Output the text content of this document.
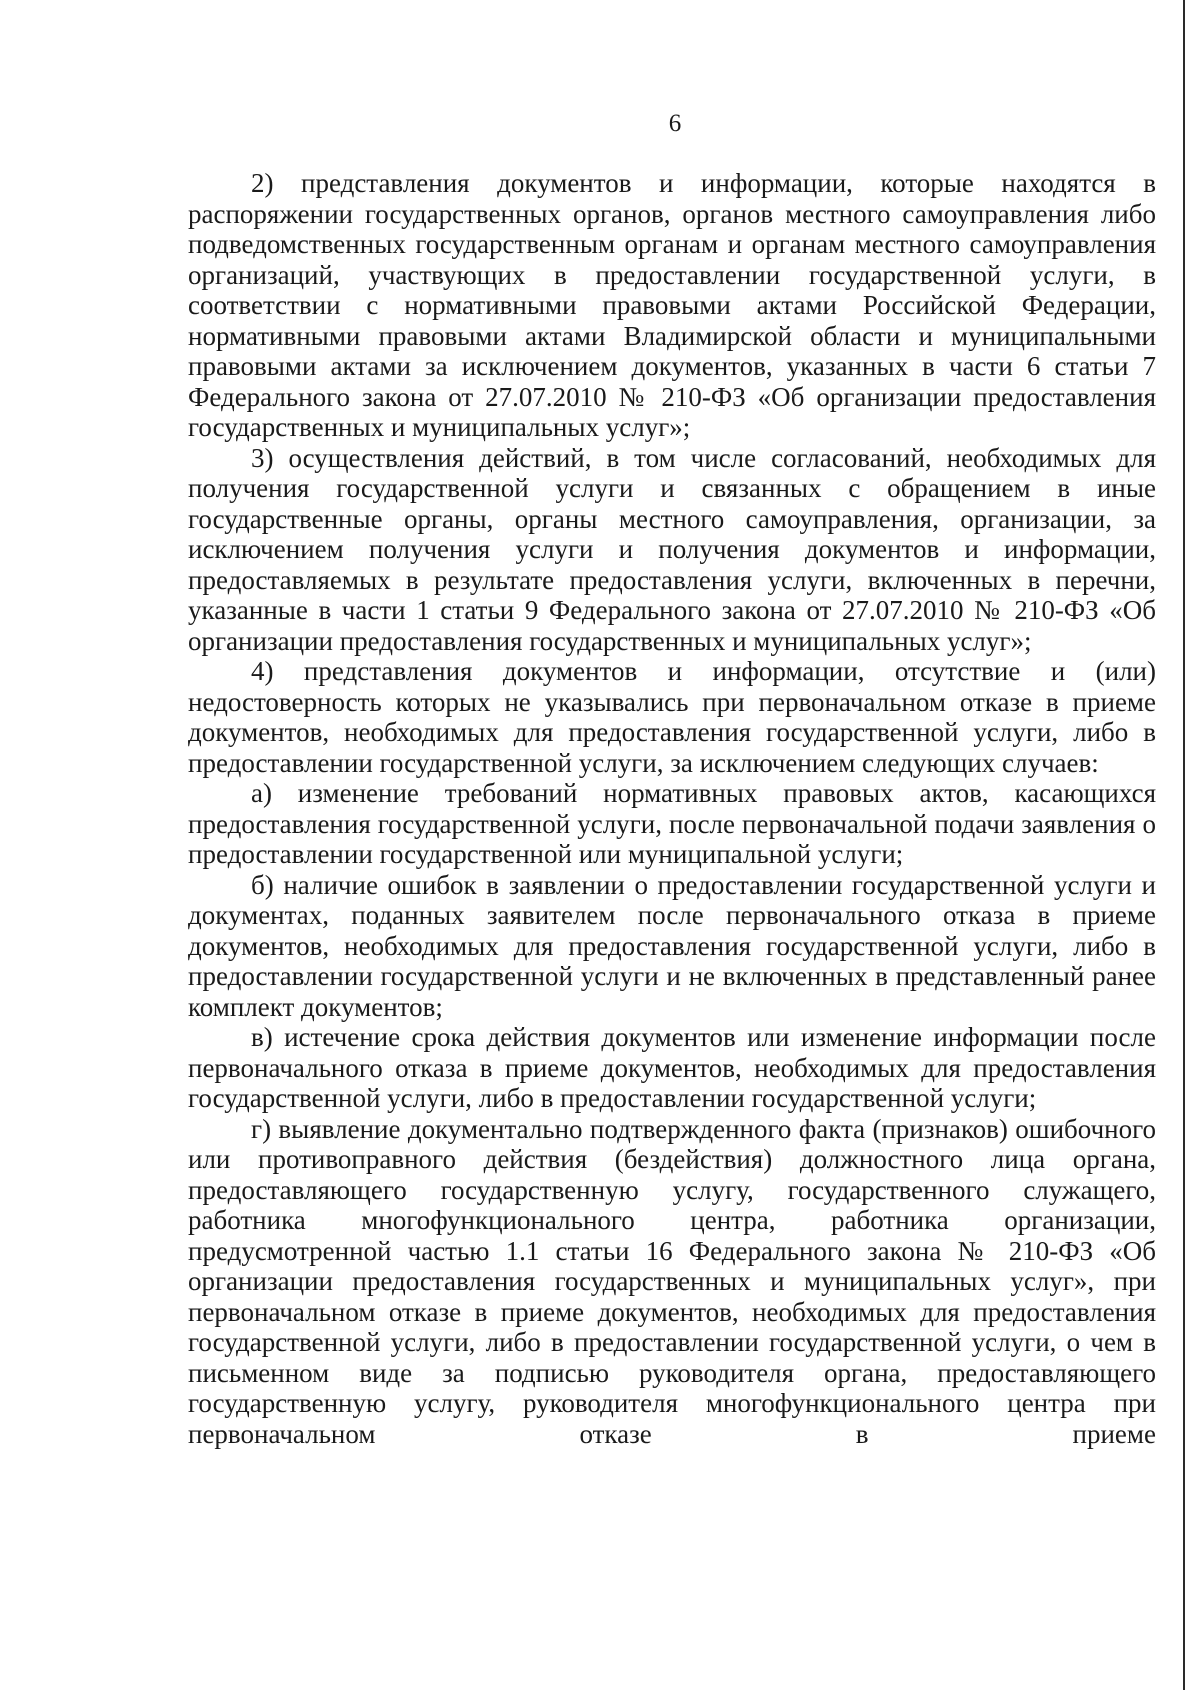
6

2) представления документов и информации, которые находятся в распоряжении государственных органов, органов местного самоуправления либо подведомственных государственным органам и органам местного самоуправления организаций, участвующих в предоставлении государственной услуги, в соответствии с нормативными правовыми актами Российской Федерации, нормативными правовыми актами Владимирской области и муниципальными правовыми актами за исключением документов, указанных в части 6 статьи 7 Федерального закона от 27.07.2010 № 210-ФЗ «Об организации предоставления государственных и муниципальных услуг»;

3) осуществления действий, в том числе согласований, необходимых для получения государственной услуги и связанных с обращением в иные государственные органы, органы местного самоуправления, организации, за исключением получения услуги и получения документов и информации, предоставляемых в результате предоставления услуги, включенных в перечни, указанные в части 1 статьи 9 Федерального закона от 27.07.2010 № 210-ФЗ «Об организации предоставления государственных и муниципальных услуг»;

4) представления документов и информации, отсутствие и (или) недостоверность которых не указывались при первоначальном отказе в приеме документов, необходимых для предоставления государственной услуги, либо в предоставлении государственной услуги, за исключением следующих случаев:

а) изменение требований нормативных правовых актов, касающихся предоставления государственной услуги, после первоначальной подачи заявления о предоставлении государственной или муниципальной услуги;

б) наличие ошибок в заявлении о предоставлении государственной услуги и документах, поданных заявителем после первоначального отказа в приеме документов, необходимых для предоставления государственной услуги, либо в предоставлении государственной услуги и не включенных в представленный ранее комплект документов;

в) истечение срока действия документов или изменение информации после первоначального отказа в приеме документов, необходимых для предоставления государственной услуги, либо в предоставлении государственной услуги;

г) выявление документально подтвержденного факта (признаков) ошибочного или противоправного действия (бездействия) должностного лица органа, предоставляющего государственную услугу, государственного служащего, работника многофункционального центра, работника организации, предусмотренной частью 1.1 статьи 16 Федерального закона № 210-ФЗ «Об организации предоставления государственных и муниципальных услуг», при первоначальном отказе в приеме документов, необходимых для предоставления государственной услуги, либо в предоставлении государственной услуги, о чем в письменном виде за подписью руководителя органа, предоставляющего государственную услугу, руководителя многофункционального центра при первоначальном отказе в приеме
